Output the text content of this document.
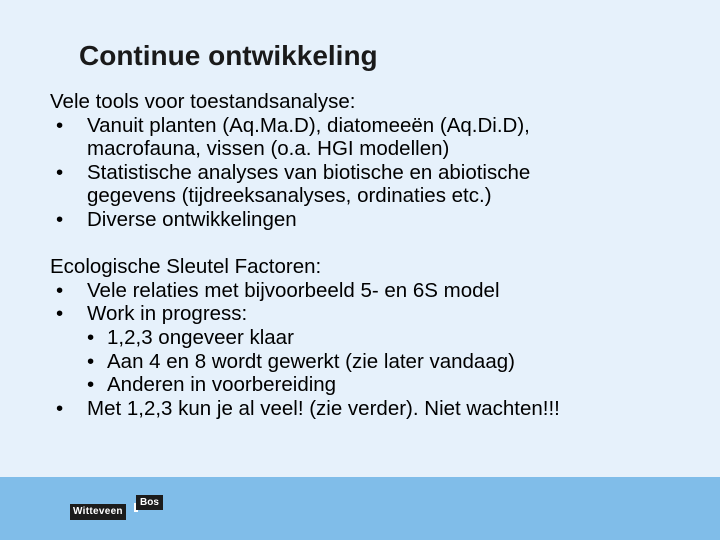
Continue ontwikkeling
Vele tools voor toestandsanalyse:
• Vanuit planten (Aq.Ma.D), diatomeeën (Aq.Di.D),
macrofauna, vissen (o.a. HGI modellen)
• Statistische analyses van biotische en abiotische
gegevens (tijdreeksanalyses, ordinaties etc.)
• Diverse ontwikkelingen
Ecologische Sleutel Factoren:
• Vele relaties met bijvoorbeeld 5- en 6S model
• Work in progress:
• 1,2,3 ongeveer klaar
• Aan 4 en 8 wordt gewerkt (zie later vandaag)
• Anderen in voorbereiding
• Met 1,2,3 kun je al veel! (zie verder). Niet wachten!!!
Witteveen
Bos
